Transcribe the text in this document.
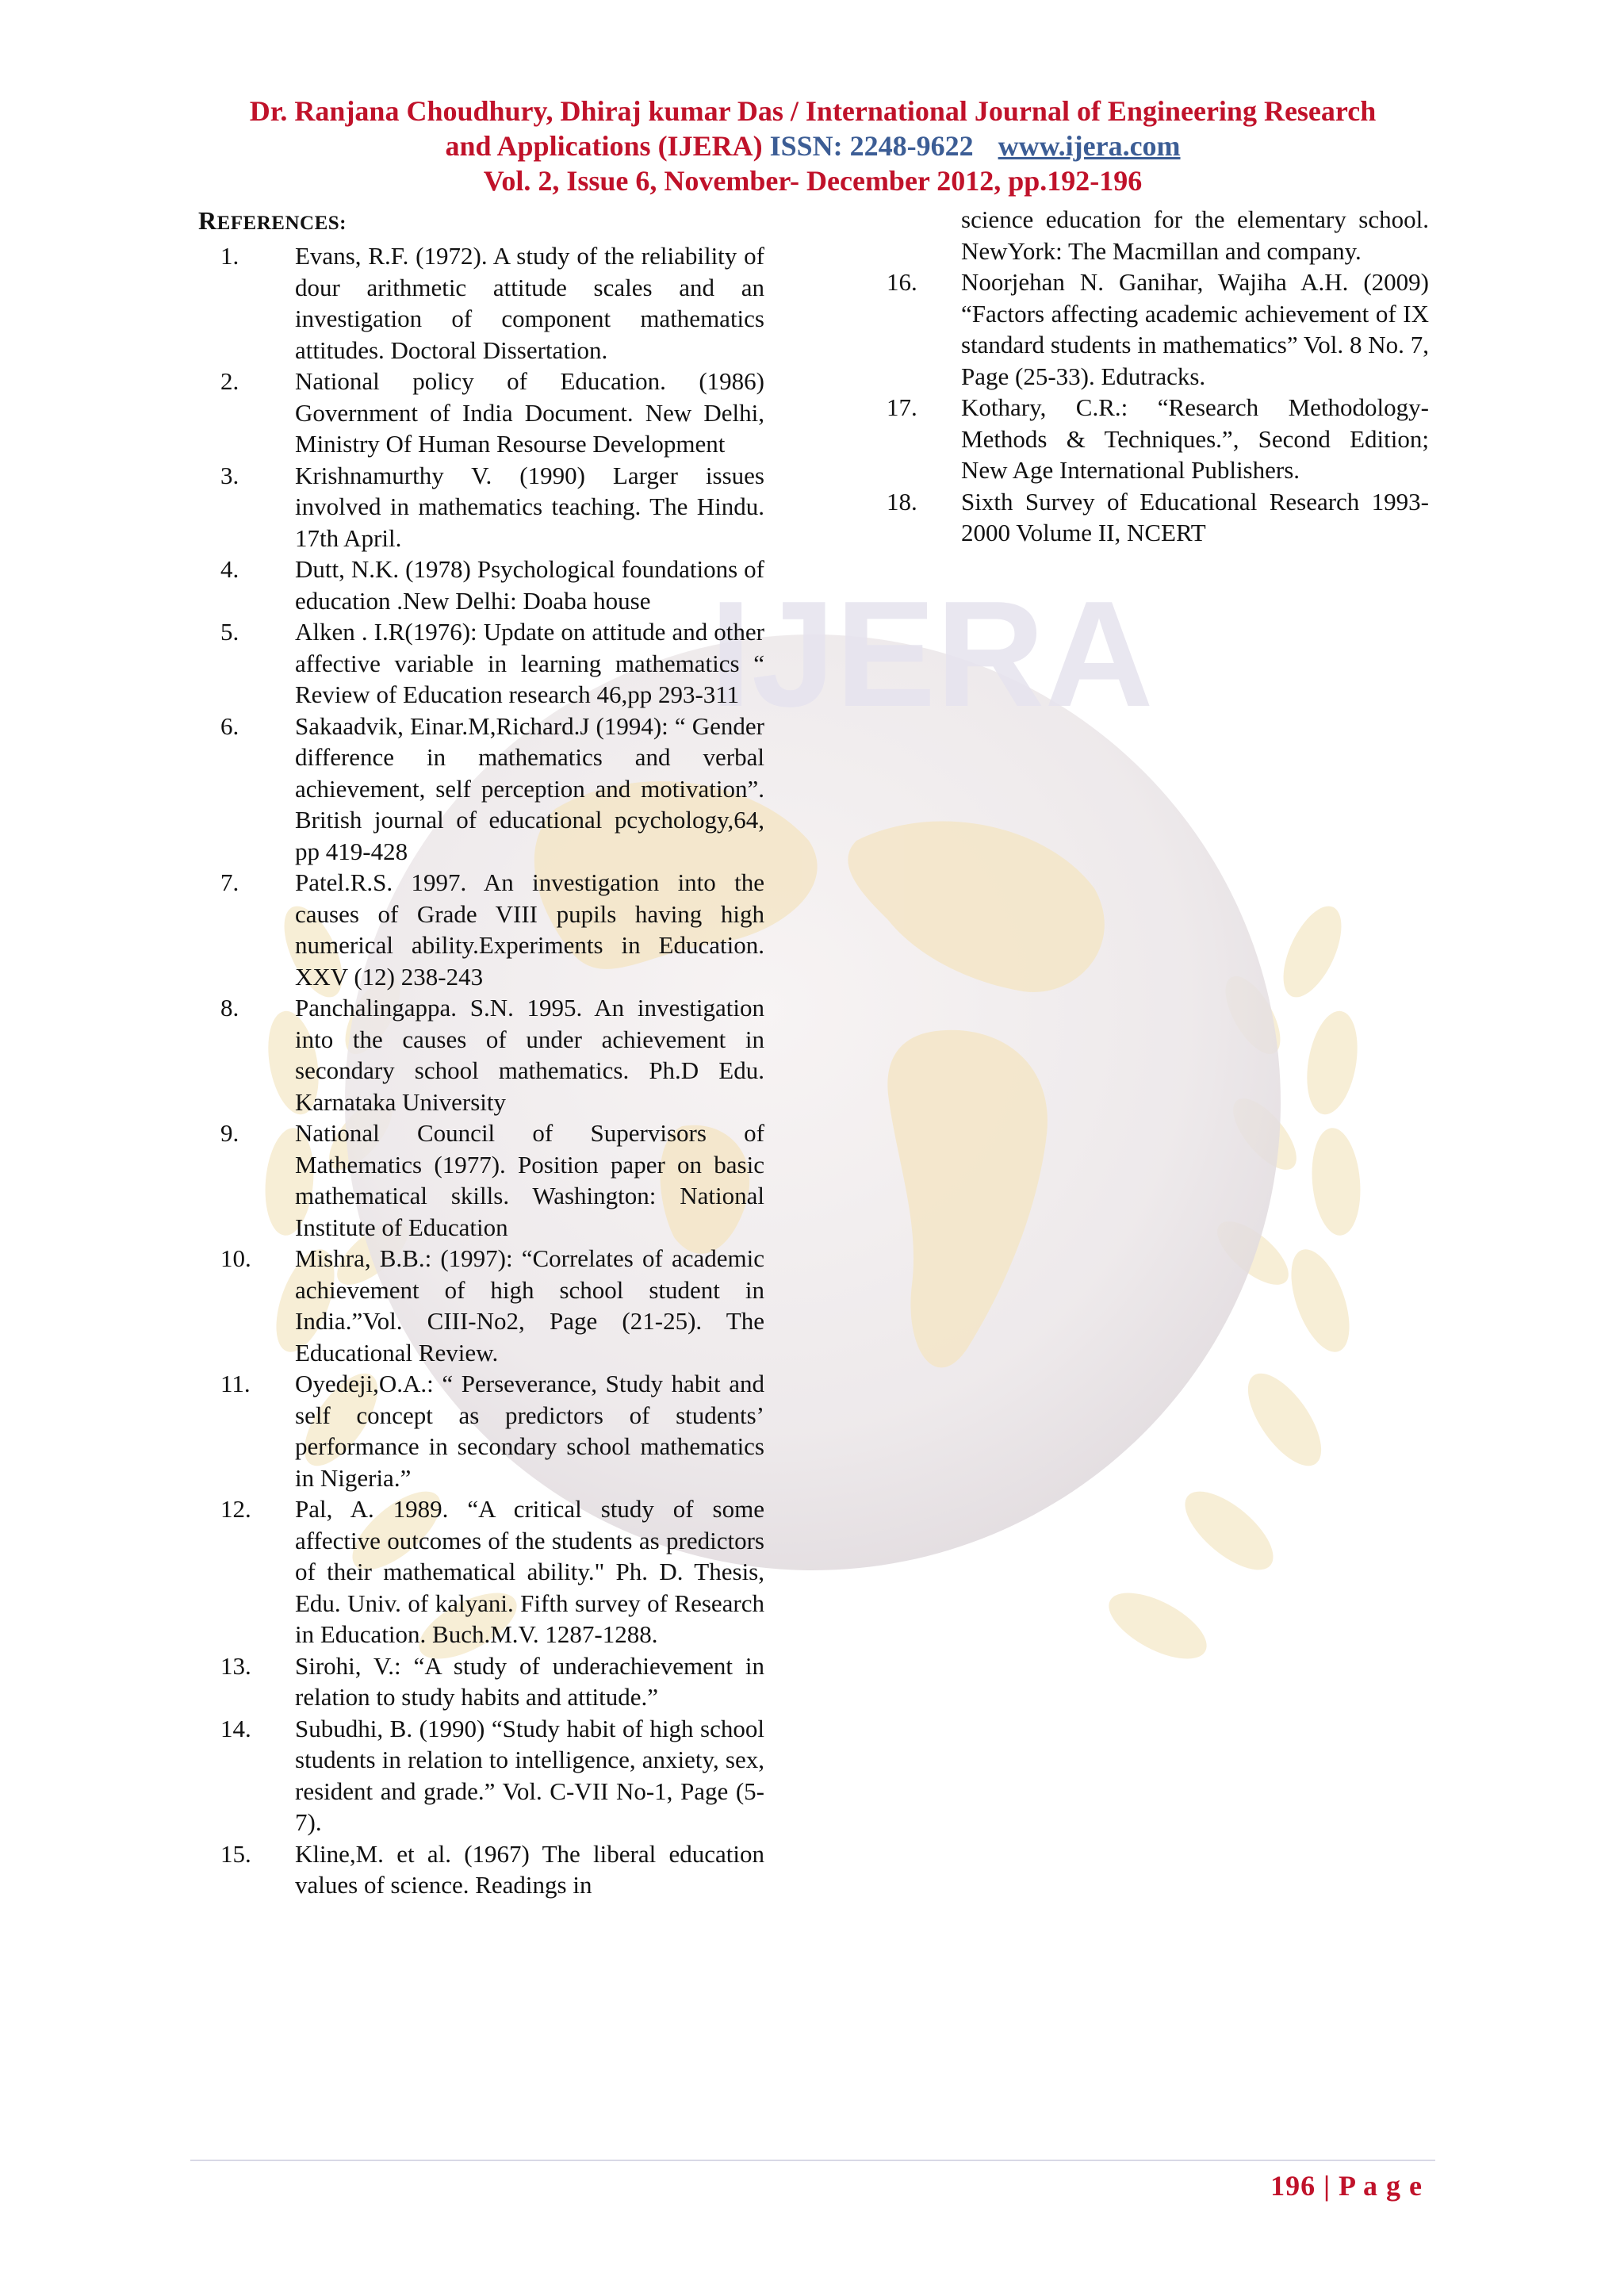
IJERA
Dr. Ranjana Choudhury, Dhiraj kumar Das / International Journal of Engineering Research
and Applications (IJERA) ISSN: 2248-9622 www.ijera.com
Vol. 2, Issue 6, November- December 2012, pp.192-196
REFERENCES:
1.	Evans, R.F. (1972). A study of the reliability of dour arithmetic attitude scales and an investigation of component mathematics attitudes. Doctoral Dissertation.
2.	National policy of Education. (1986) Government of India Document. New Delhi, Ministry Of Human Resourse Development
3.	Krishnamurthy V. (1990) Larger issues involved in mathematics teaching. The Hindu. 17th April.
4.	Dutt, N.K. (1978) Psychological foundations of education .New Delhi: Doaba house
5.	Alken . I.R(1976): Update on attitude and other affective variable in learning mathematics “ Review of Education research 46,pp 293-311
6.	Sakaadvik, Einar.M,Richard.J (1994): “ Gender difference in mathematics and verbal achievement, self perception and motivation”. British journal of educational pcychology,64, pp 419-428
7.	Patel.R.S. 1997. An investigation into the causes of Grade VIII pupils having high numerical ability.Experiments in Education. XXV (12) 238-243
8.	Panchalingappa. S.N. 1995. An investigation into the causes of under achievement in secondary school mathematics. Ph.D Edu. Karnataka University
9.	National Council of Supervisors of Mathematics (1977). Position paper on basic mathematical skills. Washington: National Institute of Education
10.	Mishra, B.B.: (1997): “Correlates of academic achievement of high school student in India.”Vol. CIII-No2, Page (21-25). The Educational Review.
11.	Oyedeji,O.A.: “ Perseverance, Study habit and self concept as predictors of students’ performance in secondary school mathematics in Nigeria.”
12.	Pal, A. 1989. “A critical study of some affective outcomes of the students as predictors of their mathematical ability." Ph. D. Thesis, Edu. Univ. of kalyani. Fifth survey of Research in Education. Buch.M.V. 1287-1288.
13.	Sirohi, V.: “A study of underachievement in relation to study habits and attitude.”
14.	Subudhi, B. (1990) “Study habit of high school students in relation to intelligence, anxiety, sex, resident and grade.” Vol. C-VII No-1, Page (5-7).
15.	Kline,M. et al. (1967) The liberal education values of science. Readings in
science education for the elementary school. NewYork: The Macmillan and company.
16.	Noorjehan N. Ganihar, Wajiha A.H. (2009) “Factors affecting academic achievement of IX standard students in mathematics” Vol. 8 No. 7, Page (25-33). Edutracks.
17.	Kothary, C.R.: “Research Methodology-Methods & Techniques.”, Second Edition; New Age International Publishers.
18.	Sixth Survey of Educational Research 1993-2000 Volume II, NCERT
196 | P a g e
